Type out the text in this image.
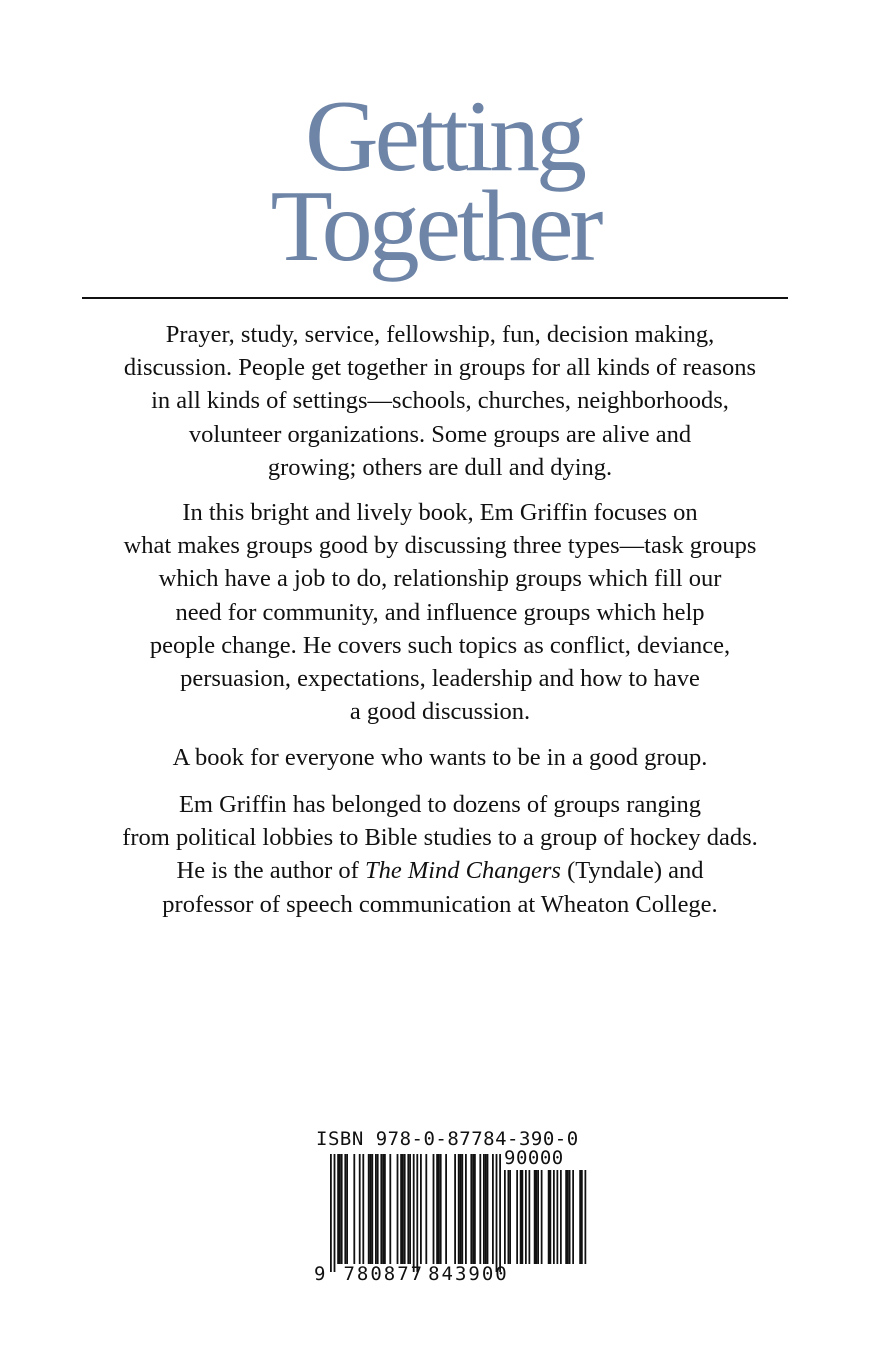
Getting
Together

Prayer, study, service, fellowship, fun, decision making,
discussion. People get together in groups for all kinds of reasons
in all kinds of settings—schools, churches, neighborhoods,
volunteer organizations. Some groups are alive and
growing; others are dull and dying.

In this bright and lively book, Em Griffin focuses on
what makes groups good by discussing three types—task groups
which have a job to do, relationship groups which fill our
need for community, and influence groups which help
people change. He covers such topics as conflict, deviance,
persuasion, expectations, leadership and how to have
a good discussion.

A book for everyone who wants to be in a good group.

Em Griffin has belonged to dozens of groups ranging
from political lobbies to Bible studies to a group of hockey dads.
He is the author of The Mind Changers (Tyndale) and
professor of speech communication at Wheaton College.

ISBN 978-0-87784-390-0
90000
9 780877 843900
